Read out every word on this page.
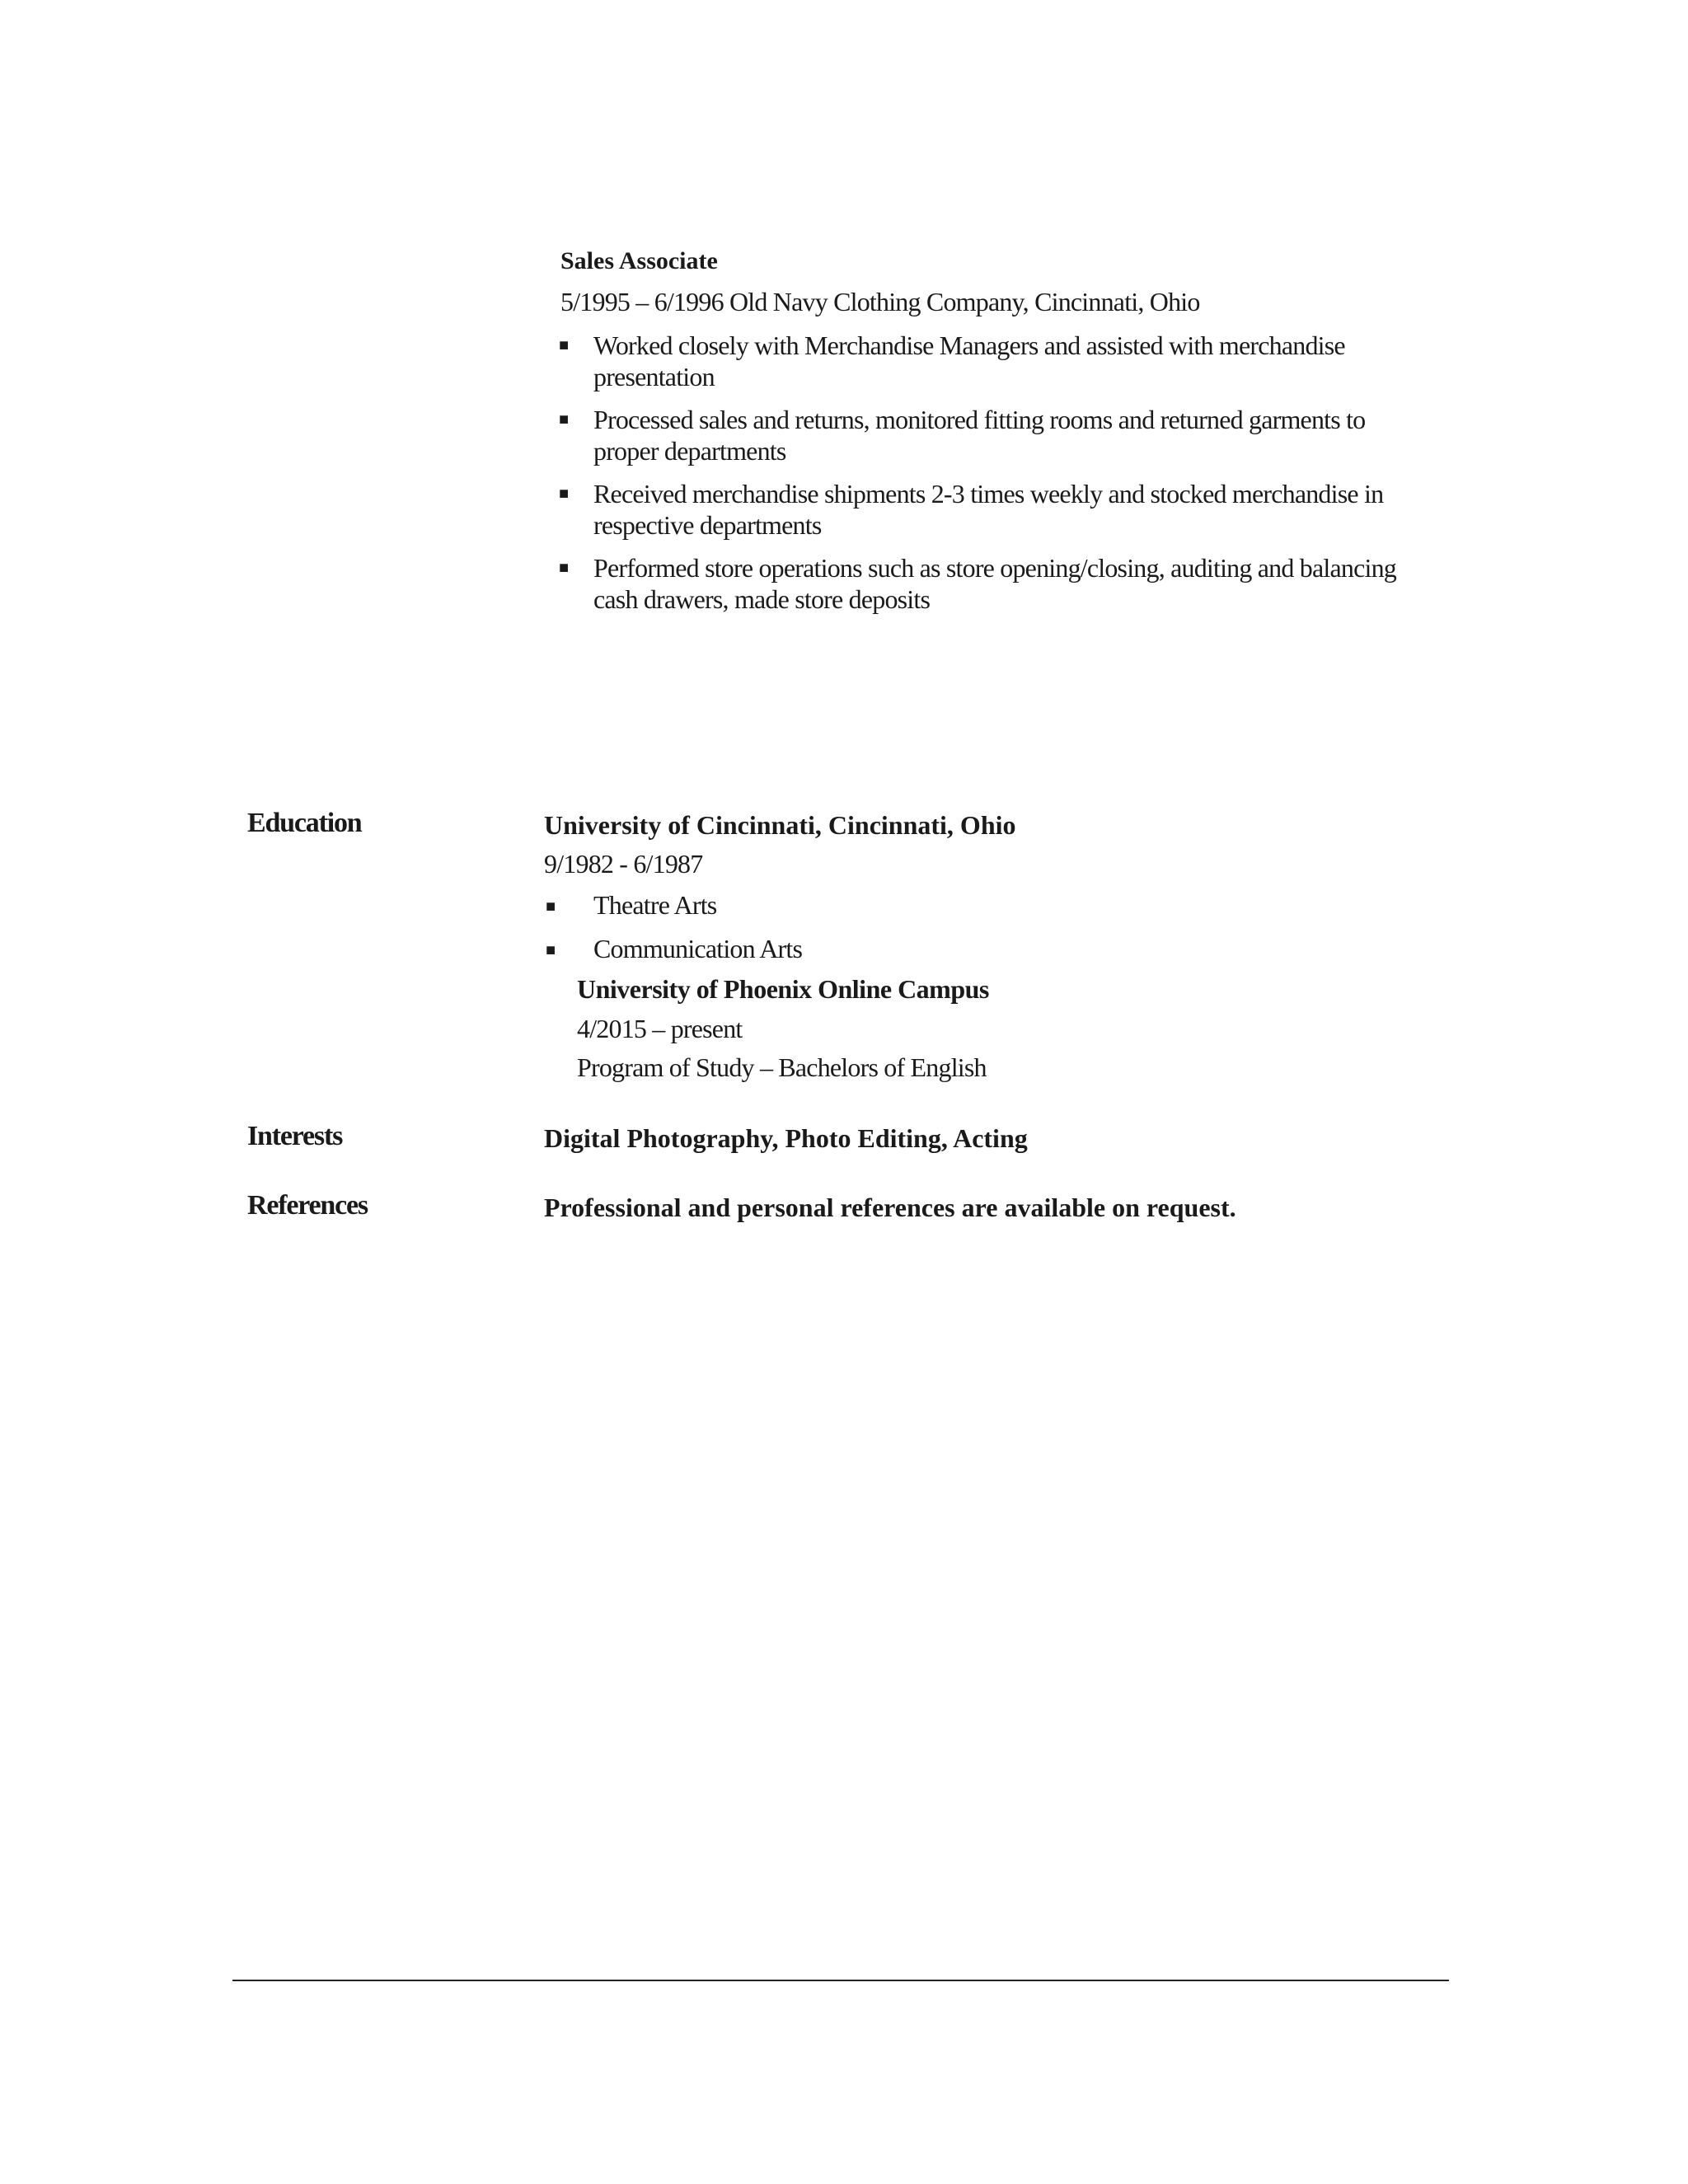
Sales Associate
5/1995 – 6/1996 Old Navy Clothing Company, Cincinnati, Ohio
■ Worked closely with Merchandise Managers and assisted with merchandise presentation
■ Processed sales and returns, monitored fitting rooms and returned garments to proper departments
■ Received merchandise shipments 2-3 times weekly and stocked merchandise in respective departments
■ Performed store operations such as store opening/closing, auditing and balancing cash drawers, made store deposits
Education	University of Cincinnati, Cincinnati, Ohio
9/1982 - 6/1987
■ Theatre Arts
■ Communication Arts
University of Phoenix Online Campus
4/2015 – present
Program of Study – Bachelors of English
Interests	Digital Photography, Photo Editing, Acting
References	Professional and personal references are available on request.
